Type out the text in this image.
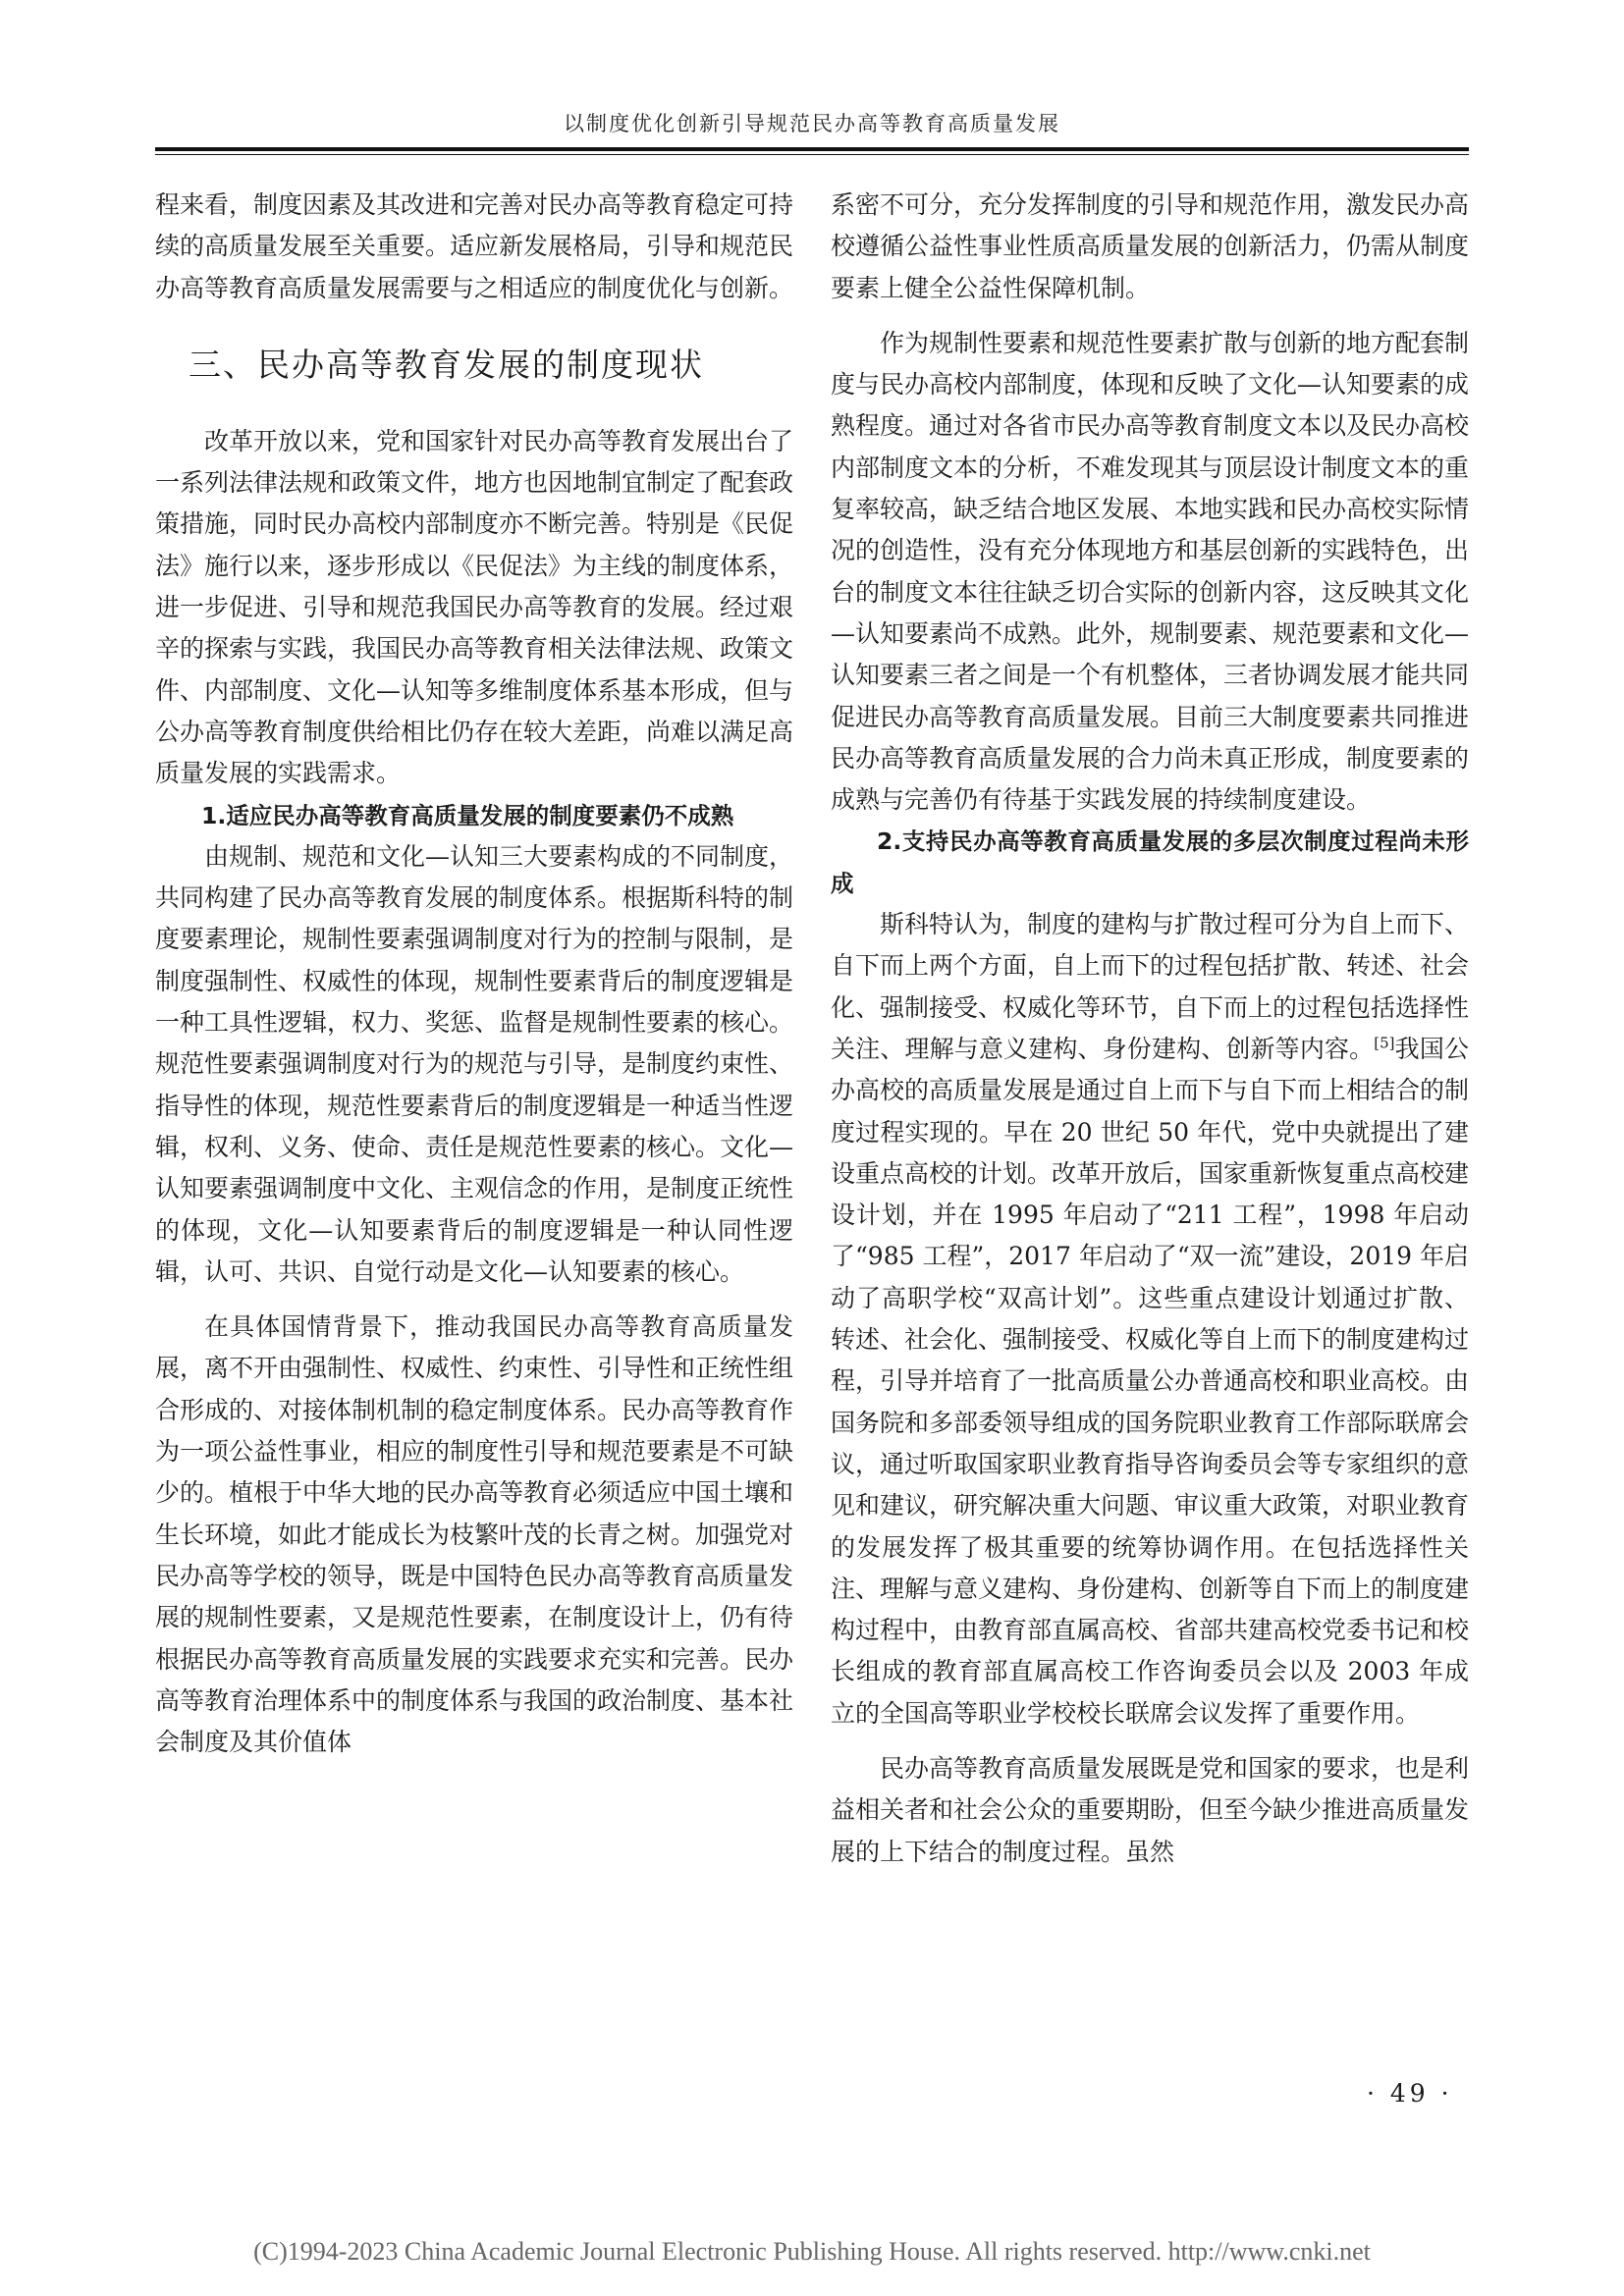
以制度优化创新引导规范民办高等教育高质量发展

程来看，制度因素及其改进和完善对民办高等教育稳定可持续的高质量发展至关重要。适应新发展格局，引导和规范民办高等教育高质量发展需要与之相适应的制度优化与创新。

三、民办高等教育发展的制度现状

改革开放以来，党和国家针对民办高等教育发展出台了一系列法律法规和政策文件，地方也因地制宜制定了配套政策措施，同时民办高校内部制度亦不断完善。特别是《民促法》施行以来，逐步形成以《民促法》为主线的制度体系，进一步促进、引导和规范我国民办高等教育的发展。经过艰辛的探索与实践，我国民办高等教育相关法律法规、政策文件、内部制度、文化—认知等多维制度体系基本形成，但与公办高等教育制度供给相比仍存在较大差距，尚难以满足高质量发展的实践需求。

1.适应民办高等教育高质量发展的制度要素仍不成熟

由规制、规范和文化—认知三大要素构成的不同制度，共同构建了民办高等教育发展的制度体系。根据斯科特的制度要素理论，规制性要素强调制度对行为的控制与限制，是制度强制性、权威性的体现，规制性要素背后的制度逻辑是一种工具性逻辑，权力、奖惩、监督是规制性要素的核心。规范性要素强调制度对行为的规范与引导，是制度约束性、指导性的体现，规范性要素背后的制度逻辑是一种适当性逻辑，权利、义务、使命、责任是规范性要素的核心。文化—认知要素强调制度中文化、主观信念的作用，是制度正统性的体现，文化—认知要素背后的制度逻辑是一种认同性逻辑，认可、共识、自觉行动是文化—认知要素的核心。

在具体国情背景下，推动我国民办高等教育高质量发展，离不开由强制性、权威性、约束性、引导性和正统性组合形成的、对接体制机制的稳定制度体系。民办高等教育作为一项公益性事业，相应的制度性引导和规范要素是不可缺少的。植根于中华大地的民办高等教育必须适应中国土壤和生长环境，如此才能成长为枝繁叶茂的长青之树。加强党对民办高等学校的领导，既是中国特色民办高等教育高质量发展的规制性要素，又是规范性要素，在制度设计上，仍有待根据民办高等教育高质量发展的实践要求充实和完善。民办高等教育治理体系中的制度体系与我国的政治制度、基本社会制度及其价值体

系密不可分，充分发挥制度的引导和规范作用，激发民办高校遵循公益性事业性质高质量发展的创新活力，仍需从制度要素上健全公益性保障机制。

作为规制性要素和规范性要素扩散与创新的地方配套制度与民办高校内部制度，体现和反映了文化—认知要素的成熟程度。通过对各省市民办高等教育制度文本以及民办高校内部制度文本的分析，不难发现其与顶层设计制度文本的重复率较高，缺乏结合地区发展、本地实践和民办高校实际情况的创造性，没有充分体现地方和基层创新的实践特色，出台的制度文本往往缺乏切合实际的创新内容，这反映其文化—认知要素尚不成熟。此外，规制要素、规范要素和文化—认知要素三者之间是一个有机整体，三者协调发展才能共同促进民办高等教育高质量发展。目前三大制度要素共同推进民办高等教育高质量发展的合力尚未真正形成，制度要素的成熟与完善仍有待基于实践发展的持续制度建设。

2.支持民办高等教育高质量发展的多层次制度过程尚未形成

斯科特认为，制度的建构与扩散过程可分为自上而下、自下而上两个方面，自上而下的过程包括扩散、转述、社会化、强制接受、权威化等环节，自下而上的过程包括选择性关注、理解与意义建构、身份建构、创新等内容。[5]我国公办高校的高质量发展是通过自上而下与自下而上相结合的制度过程实现的。早在 20 世纪 50 年代，党中央就提出了建设重点高校的计划。改革开放后，国家重新恢复重点高校建设计划，并在 1995 年启动了“211 工程”，1998 年启动了“985 工程”，2017 年启动了“双一流”建设，2019 年启动了高职学校“双高计划”。这些重点建设计划通过扩散、转述、社会化、强制接受、权威化等自上而下的制度建构过程，引导并培育了一批高质量公办普通高校和职业高校。由国务院和多部委领导组成的国务院职业教育工作部际联席会议，通过听取国家职业教育指导咨询委员会等专家组织的意见和建议，研究解决重大问题、审议重大政策，对职业教育的发展发挥了极其重要的统筹协调作用。在包括选择性关注、理解与意义建构、身份建构、创新等自下而上的制度建构过程中，由教育部直属高校、省部共建高校党委书记和校长组成的教育部直属高校工作咨询委员会以及 2003 年成立的全国高等职业学校校长联席会议发挥了重要作用。

民办高等教育高质量发展既是党和国家的要求，也是利益相关者和社会公众的重要期盼，但至今缺少推进高质量发展的上下结合的制度过程。虽然

· 49 ·
(C)1994-2023 China Academic Journal Electronic Publishing House. All rights reserved. http://www.cnki.net
